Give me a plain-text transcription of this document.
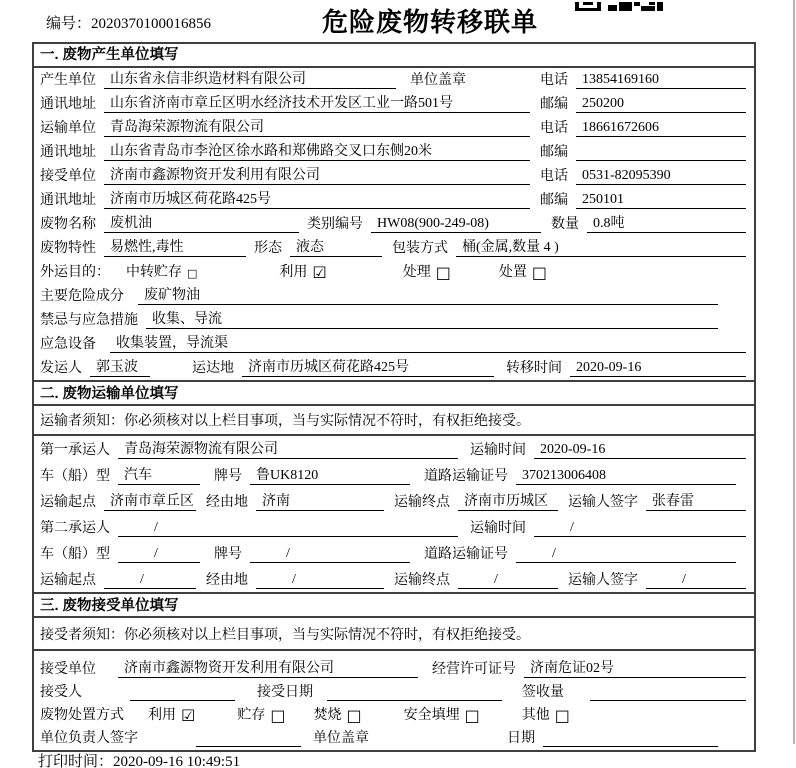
编号：2020370100016856	危险废物转移联单
一. 废物产生单位填写
产生单位	山东省永信非织造材料有限公司	单位盖章	电话	13854169160
通讯地址	山东省济南市章丘区明水经济技术开发区工业一路501号	邮编	250200
运输单位	青岛海荣源物流有限公司	电话	18661672606
通讯地址	山东省青岛市李沧区徐水路和郑佛路交叉口东侧20米	邮编
接受单位	济南市鑫源物资开发利用有限公司	电话	0531-82095390
通讯地址	济南市历城区荷花路425号	邮编	250101
废物名称	废机油	类别编号	HW08(900-249-08)	数量	0.8吨
废物特性	易燃性,毒性	形态	液态	包装方式	桶(金属,数量 4 )
外运目的： 中转贮存 □	利用 ☑	处理 □	处置 □
主要危险成分	废矿物油
禁忌与应急措施	收集、导流
应急设备	收集装置，导流渠
发运人	郭玉波	运达地	济南市历城区荷花路425号	转移时间	2020-09-16
二. 废物运输单位填写
运输者须知：你必须核对以上栏目事项，当与实际情况不符时，有权拒绝接受。
第一承运人	青岛海荣源物流有限公司	运输时间	2020-09-16
车（船）型	汽车	牌号	鲁UK8120	道路运输证号	370213006408
运输起点	济南市章丘区 经由地	济南	运输终点	济南市历城区	运输人签字	张春雷
第二承运人	/	运输时间	/
车（船）型	/	牌号	/	道路运输证号	/
运输起点	/	经由地	/	运输终点	/	运输人签字	/
三. 废物接受单位填写
接受者须知：你必须核对以上栏目事项，当与实际情况不符时，有权拒绝接受。
接受单位	济南市鑫源物资开发利用有限公司	经营许可证号	济南危证02号
接受人	接受日期	签收量
废物处置方式 利用 ☑	贮存 □ 焚烧 □	安全填埋 □	其他 □
单位负责人签字	单位盖章	日期
打印时间：2020-09-16 10:49:51
